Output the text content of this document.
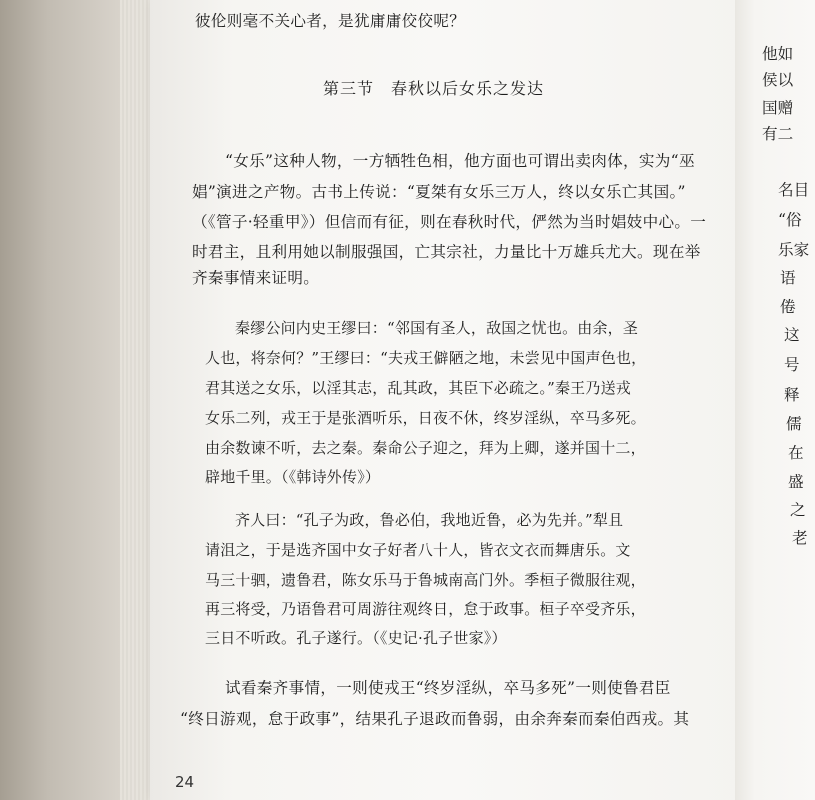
彼伦则毫不关心者，是犹庸庸佼佼呢？
第三节　春秋以后女乐之发达
“女乐”这种人物，一方牺牲色相，他方面也可谓出卖肉体，实为“巫
娼”演进之产物。古书上传说：“夏桀有女乐三万人，终以女乐亡其国。”
（《管子·轻重甲》）但信而有征，则在春秋时代，俨然为当时娼妓中心。一
时君主，且利用她以制服强国，亡其宗社，力量比十万雄兵尤大。现在举
齐秦事情来证明。
秦缪公问内史王缪曰：“邻国有圣人，敌国之忧也。由余，圣
人也，将奈何？”王缪曰：“夫戎王僻陋之地，未尝见中国声色也，
君其送之女乐，以淫其志，乱其政，其臣下必疏之。”秦王乃送戎
女乐二列，戎王于是张酒听乐，日夜不休，终岁淫纵，卒马多死。
由余数谏不听，去之秦。秦命公子迎之，拜为上卿，遂并国十二，
辟地千里。（《韩诗外传》）
齐人曰：“孔子为政，鲁必伯，我地近鲁，必为先并。”犁且
请沮之，于是选齐国中女子好者八十人，皆衣文衣而舞唐乐。文
马三十驷，遗鲁君，陈女乐马于鲁城南高门外。季桓子微服往观，
再三将受，乃语鲁君可周游往观终日，怠于政事。桓子卒受齐乐，
三日不听政。孔子遂行。（《史记·孔子世家》）
试看秦齐事情，一则使戎王“终岁淫纵，卒马多死”一则使鲁君臣
“终日游观，怠于政事”，结果孔子退政而鲁弱，由余奔秦而秦伯西戎。其
24
他如
侯以
国赠
有二
名目
“俗
乐家
语
倦
这
号
释
儒
在
盛
之
老
